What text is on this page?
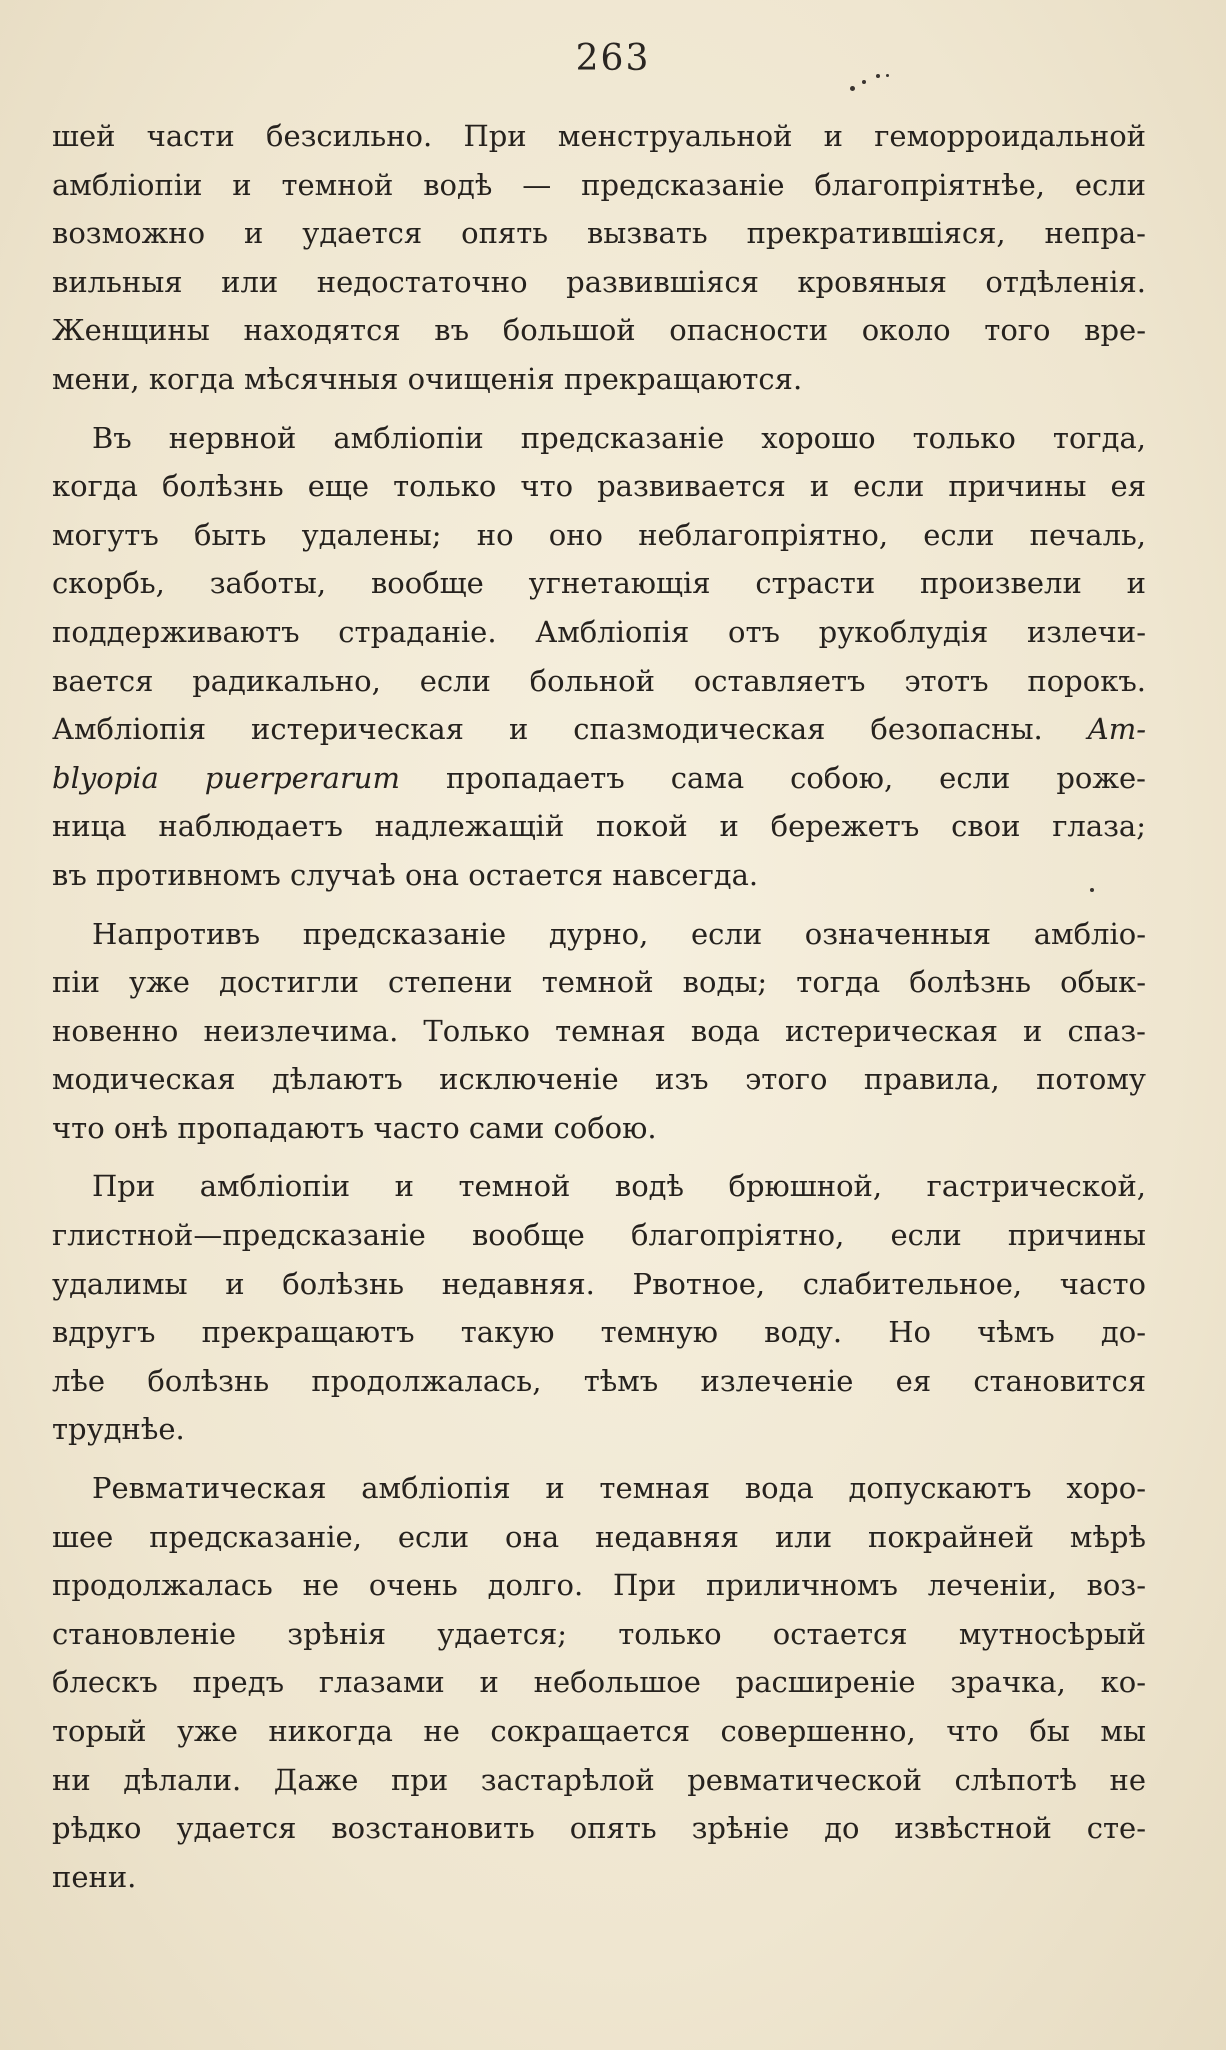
263
шей части безсильно. При менструальной и геморроидальной
амбліопіи и темной водѣ — предсказаніе благопріятнѣе, если
возможно и удается опять вызвать прекратившіяся, непра-
вильныя или недостаточно развившіяся кровяныя отдѣленія.
Женщины находятся въ большой опасности около того вре-
мени, когда мѣсячныя очищенія прекращаются.
Въ нервной амбліопіи предсказаніе хорошо только тогда,
когда болѣзнь еще только что развивается и если причины ея
могутъ быть удалены; но оно неблагопріятно, если печаль,
скорбь, заботы, вообще угнетающія страсти произвели и
поддерживаютъ страданіе. Амбліопія отъ рукоблудія излечи-
вается радикально, если больной оставляетъ этотъ порокъ.
Амбліопія истерическая и спазмодическая безопасны. Am-
blyopia puerperarum пропадаетъ сама собою, если роже-
ница наблюдаетъ надлежащій покой и бережетъ свои глаза;
въ противномъ случаѣ она остается навсегда.
Напротивъ предсказаніе дурно, если означенныя амбліо-
піи уже достигли степени темной воды; тогда болѣзнь обык-
новенно неизлечима. Только темная вода истерическая и спаз-
модическая дѣлаютъ исключеніе изъ этого правила, потому
что онѣ пропадаютъ часто сами собою.
При амбліопіи и темной водѣ брюшной, гастрической,
глистной—предсказаніе вообще благопріятно, если причины
удалимы и болѣзнь недавняя. Рвотное, слабительное, часто
вдругъ прекращаютъ такую темную воду. Но чѣмъ до-
лѣе болѣзнь продолжалась, тѣмъ излеченіе ея становится
труднѣе.
Ревматическая амбліопія и темная вода допускаютъ хоро-
шее предсказаніе, если она недавняя или покрайней мѣрѣ
продолжалась не очень долго. При приличномъ леченіи, воз-
становленіе зрѣнія удается; только остается мутносѣрый
блескъ предъ глазами и небольшое расширеніе зрачка, ко-
торый уже никогда не сокращается совершенно, что бы мы
ни дѣлали. Даже при застарѣлой ревматической слѣпотѣ не
рѣдко удается возстановить опять зрѣніе до извѣстной сте-
пени.
